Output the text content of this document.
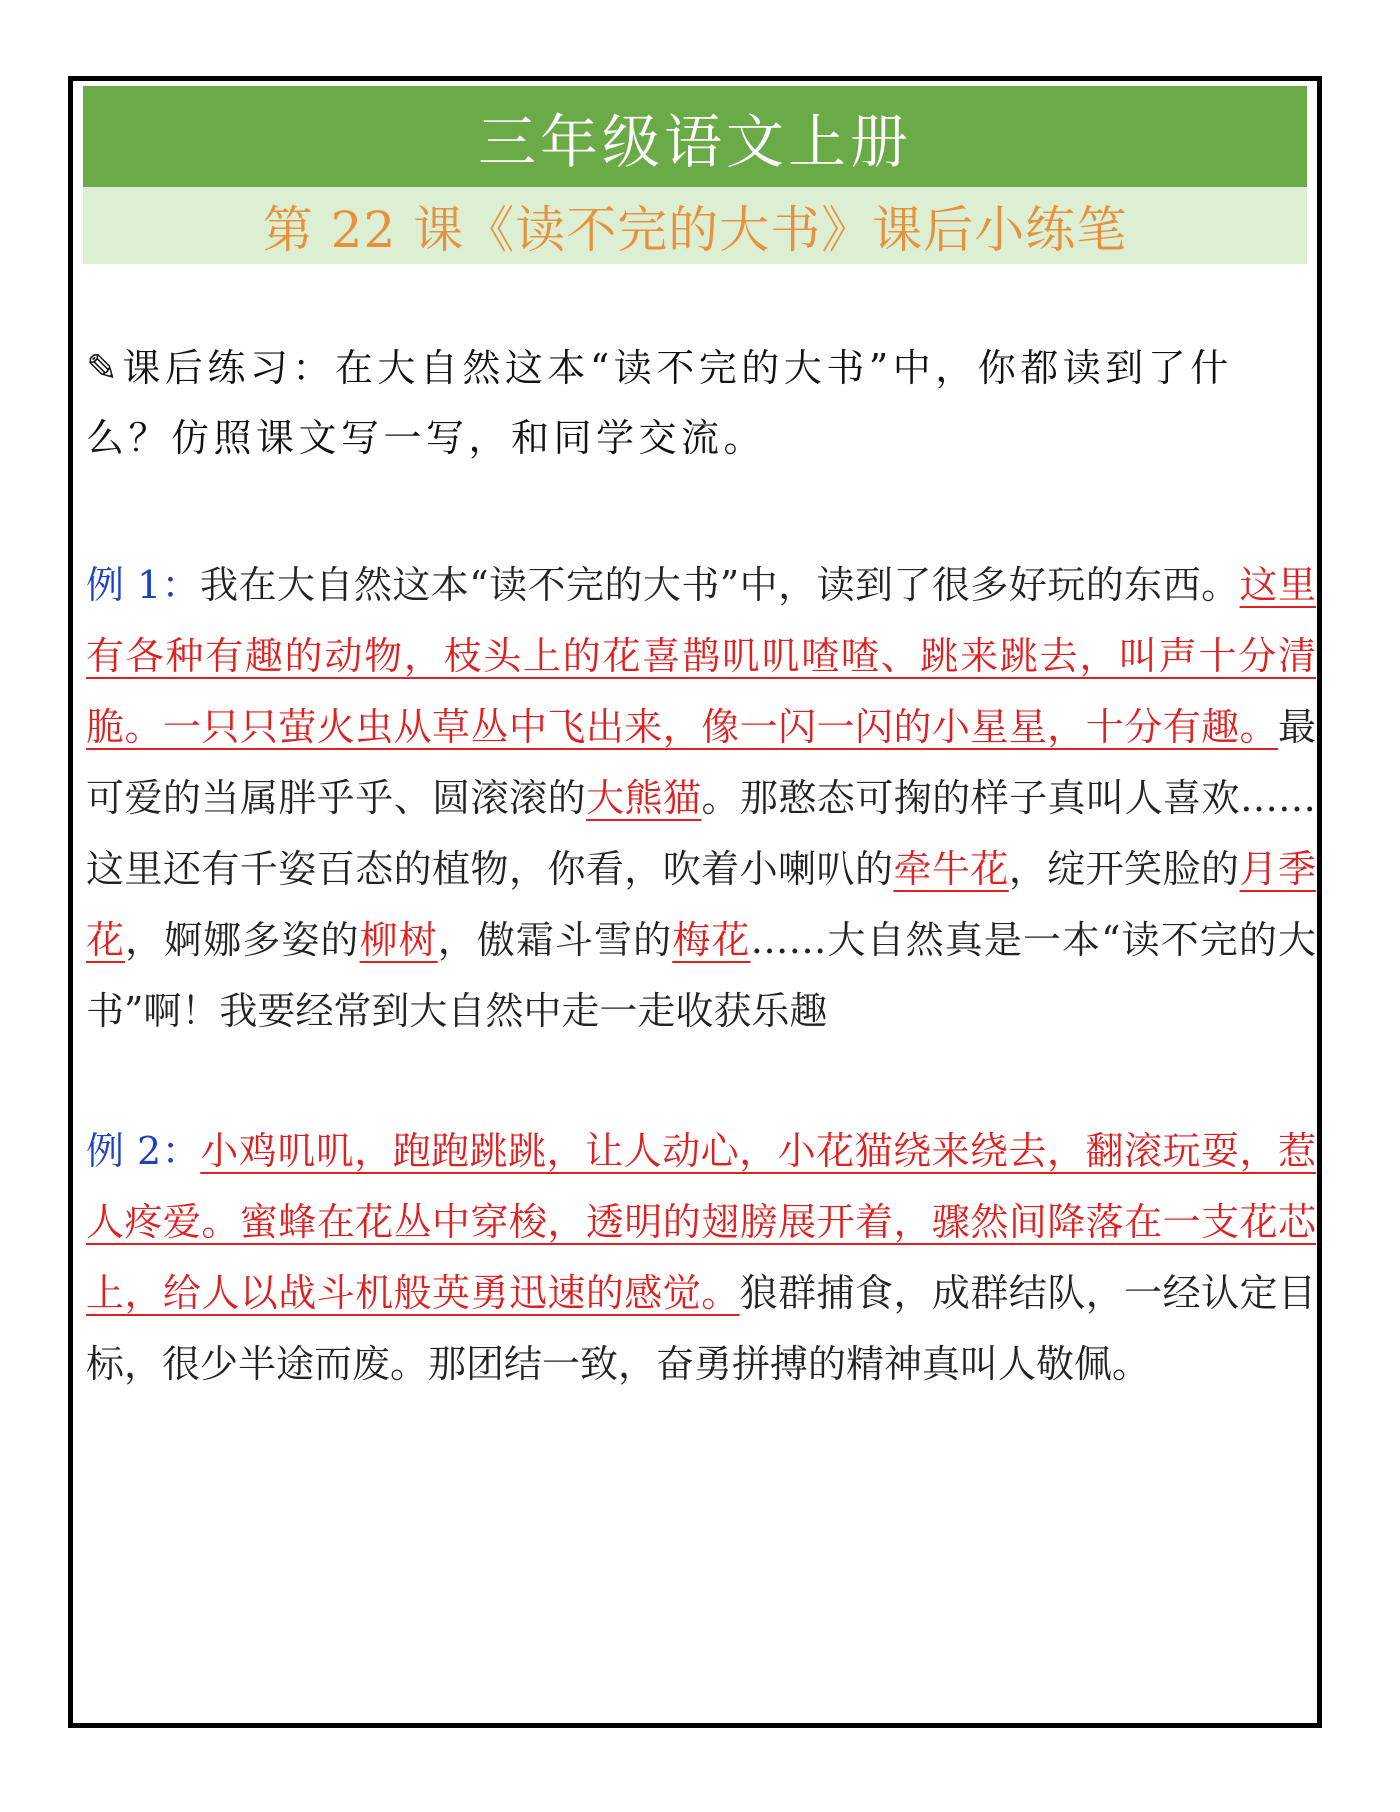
三年级语文上册
第 22 课《读不完的大书》课后小练笔

✎课后练习：在大自然这本“读不完的大书”中，你都读到了什么？仿照课文写一写，和同学交流。

例 1：我在大自然这本“读不完的大书”中，读到了很多好玩的东西。这里有各种有趣的动物，枝头上的花喜鹊叽叽喳喳、跳来跳去，叫声十分清脆。一只只萤火虫从草丛中飞出来，像一闪一闪的小星星，十分有趣。最可爱的当属胖乎乎、圆滚滚的大熊猫。那憨态可掬的样子真叫人喜欢……这里还有千姿百态的植物，你看，吹着小喇叭的牵牛花，绽开笑脸的月季花，婀娜多姿的柳树，傲霜斗雪的梅花……大自然真是一本“读不完的大书”啊！我要经常到大自然中走一走收获乐趣

例 2：小鸡叽叽，跑跑跳跳，让人动心，小花猫绕来绕去，翻滚玩耍，惹人疼爱。蜜蜂在花丛中穿梭，透明的翅膀展开着，骤然间降落在一支花芯上，给人以战斗机般英勇迅速的感觉。狼群捕食，成群结队，一经认定目标，很少半途而废。那团结一致，奋勇拼搏的精神真叫人敬佩。
